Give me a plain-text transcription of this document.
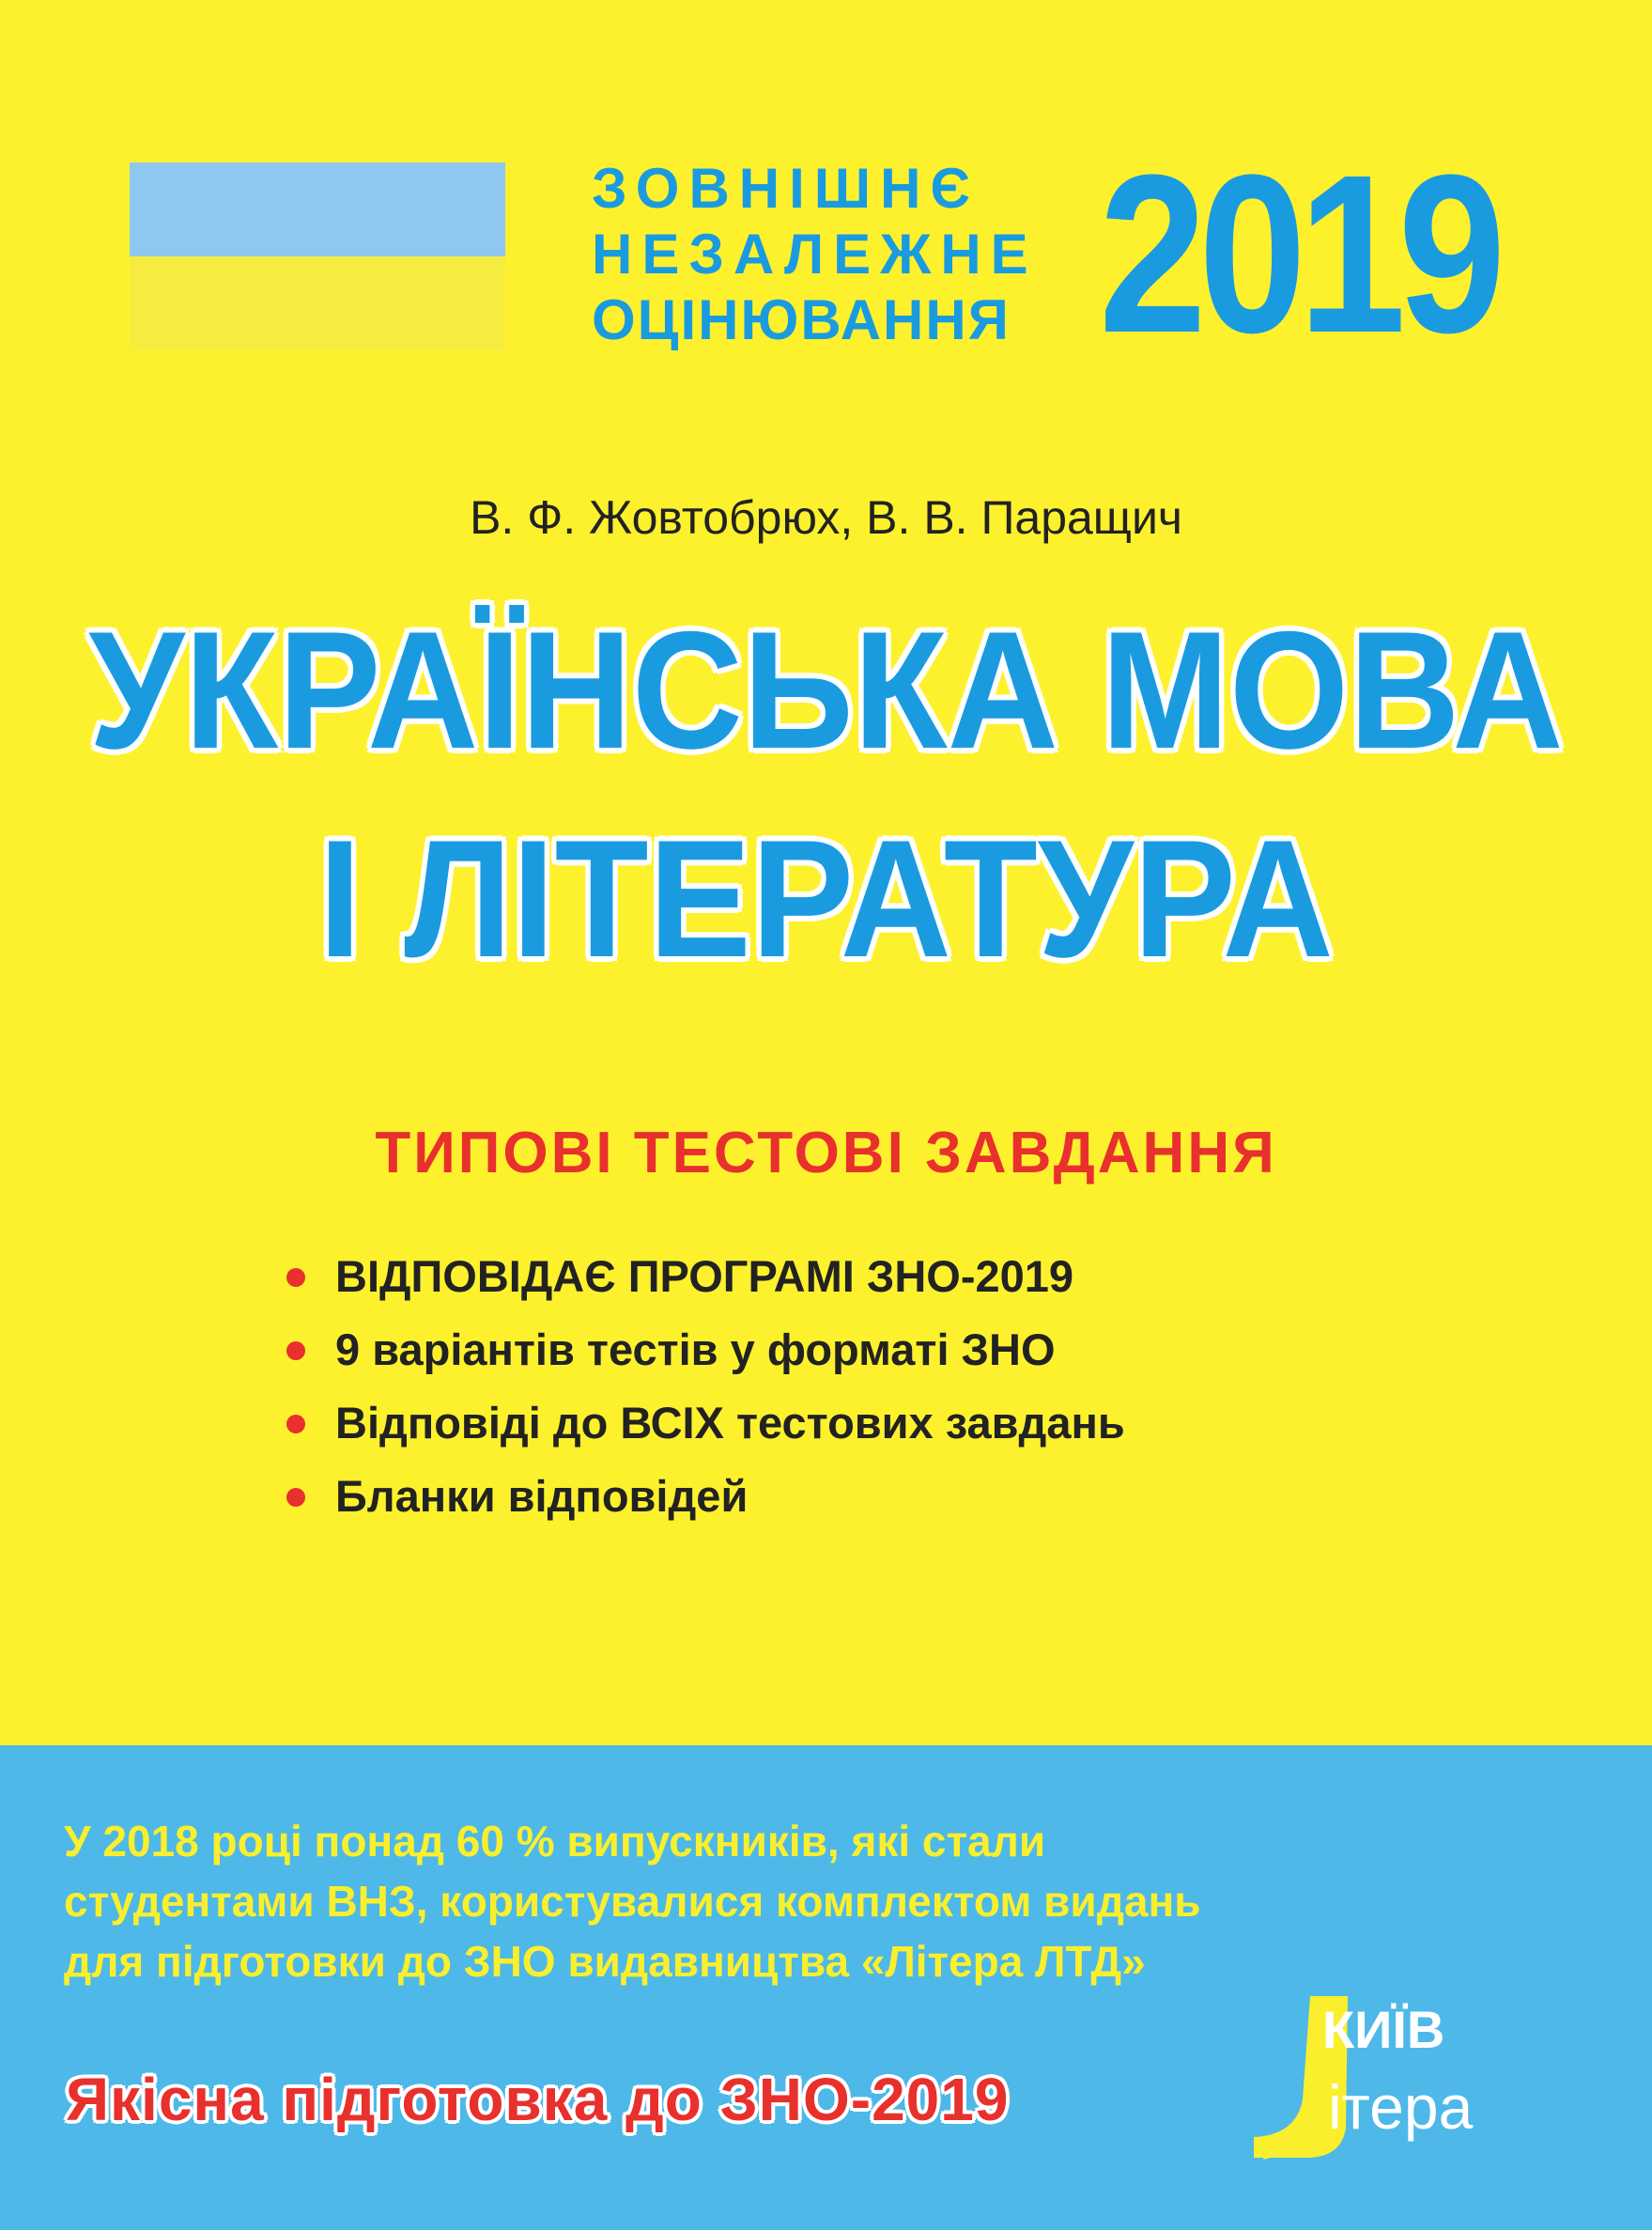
ЗОВНІШНЄ
НЕЗАЛЕЖНЕ
ОЦІНЮВАННЯ 2019
В. Ф. Жовтобрюх, В. В. Паращич
УКРАЇНСЬКА МОВА
І ЛІТЕРАТУРА
ТИПОВІ ТЕСТОВІ ЗАВДАННЯ
ВІДПОВІДАЄ ПРОГРАМІ ЗНО-2019
9 варіантів тестів у форматі ЗНО
Відповіді до ВСІХ тестових завдань
Бланки відповідей
У 2018 році понад 60 % випускників, які стали
студентами ВНЗ, користувалися комплектом видань
для підготовки до ЗНО видавництва «Літера ЛТД»
Якісна підготовка до ЗНО-2019
КИЇВ
ітера
